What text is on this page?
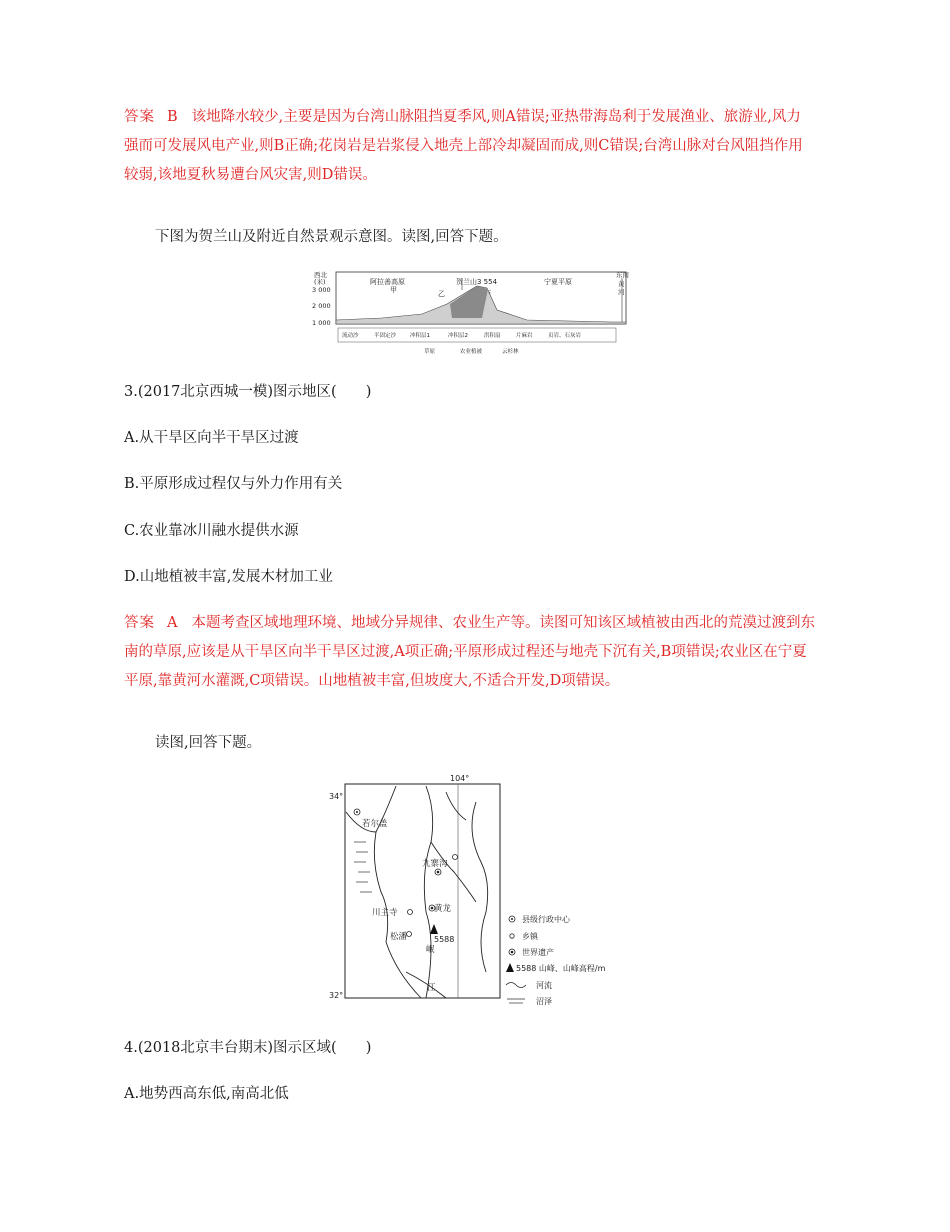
答案 B 该地降水较少,主要是因为台湾山脉阻挡夏季风,则A错误;亚热带海岛利于发展渔业、旅游业,风力
强而可发展风电产业,则B正确;花岗岩是岩浆侵入地壳上部冷却凝固而成,则C错误;台湾山脉对台风阻挡作用
较弱,该地夏秋易遭台风灾害,则D错误。
下图为贺兰山及附近自然景观示意图。读图,回答下题。
西北
(米)
3 000
2 000
1 000
阿拉善高原
甲	乙
贺兰山3 554	宁夏平原
东南
黄
河
流动沙	半固定沙	冲积层1	冲积层2	洪积扇	片麻岩	页岩、石灰岩
草原	农业植被	云杉林
3.(2017北京西城一模)图示地区(　　)
A.从干旱区向半干旱区过渡
B.平原形成过程仅与外力作用有关
C.农业靠冰川融水提供水源
D.山地植被丰富,发展木材加工业
答案 A 本题考查区域地理环境、地域分异规律、农业生产等。读图可知该区域植被由西北的荒漠过渡到东
南的草原,应该是从干旱区向半干旱区过渡,A项正确;平原形成过程还与地壳下沉有关,B项错误;农业区在宁夏
平原,靠黄河水灌溉,C项错误。山地植被丰富,但坡度大,不适合开发,D项错误。
读图,回答下题。
104°
34°
32°
若尔盖
九寨沟
川主寺	黄龙
松潘	5588
岷
江
县级行政中心
乡镇
世界遗产
5588 山峰、山峰高程/m
河流
沼泽
4.(2018北京丰台期末)图示区域(　　)
A.地势西高东低,南高北低
